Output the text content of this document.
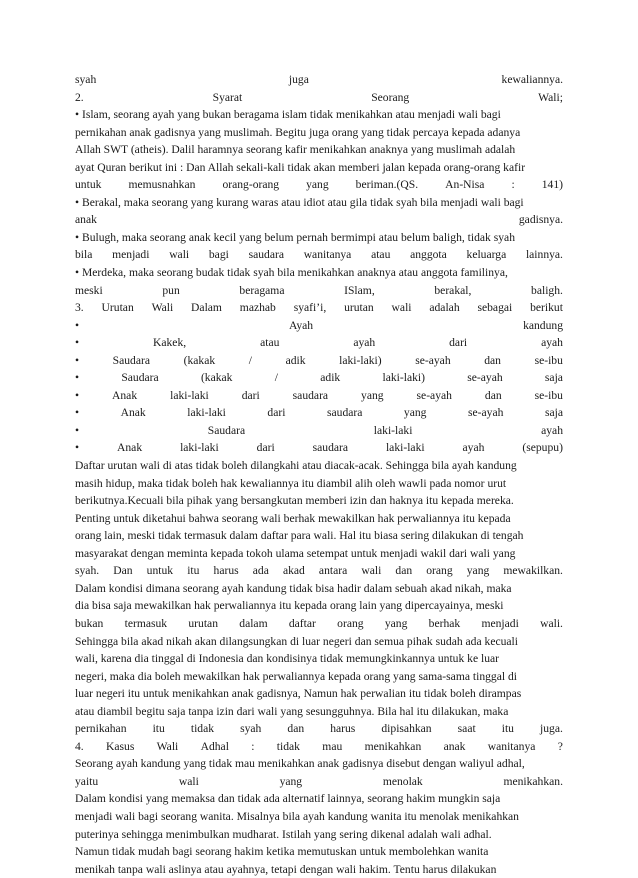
syah	juga	kewaliannya.
2.	Syarat	Seorang	Wali;
• Islam, seorang ayah yang bukan beragama islam tidak menikahkan atau menjadi wali bagi
pernikahan anak gadisnya yang muslimah. Begitu juga orang yang tidak percaya kepada adanya
Allah SWT (atheis). Dalil haramnya seorang kafir menikahkan anaknya yang muslimah adalah
ayat Quran berikut ini : Dan Allah sekali-kali tidak akan memberi jalan kepada orang-orang kafir
untuk memusnahkan orang-orang yang beriman.(QS. An-Nisa : 141)
• Berakal, maka seorang yang kurang waras atau idiot atau gila tidak syah bila menjadi wali bagi
anak	gadisnya.
• Bulugh, maka seorang anak kecil yang belum pernah bermimpi atau belum baligh, tidak syah
bila menjadi wali bagi saudara wanitanya atau anggota keluarga lainnya.
• Merdeka, maka seorang budak tidak syah bila menikahkan anaknya atau anggota familinya,
meski	pun	beragama	ISlam,	berakal,	baligh.
3. Urutan Wali Dalam mazhab syafi’i, urutan wali adalah sebagai berikut
•	Ayah	kandung
•	Kakek,	atau	ayah	dari	ayah
•	Saudara	(kakak	/	adik	laki-laki)	se-ayah	dan	se-ibu
•	Saudara	(kakak	/	adik	laki-laki)	se-ayah	saja
•	Anak	laki-laki	dari	saudara	yang	se-ayah	dan	se-ibu
•	Anak	laki-laki	dari	saudara	yang	se-ayah	saja
•	Saudara	laki-laki	ayah
•	Anak	laki-laki	dari	saudara	laki-laki	ayah	(sepupu)
Daftar urutan wali di atas tidak boleh dilangkahi atau diacak-acak. Sehingga bila ayah kandung
masih hidup, maka tidak boleh hak kewaliannya itu diambil alih oleh wawli pada nomor urut
berikutnya.Kecuali bila pihak yang bersangkutan memberi izin dan haknya itu kepada mereka.
Penting untuk diketahui bahwa seorang wali berhak mewakilkan hak perwaliannya itu kepada
orang lain, meski tidak termasuk dalam daftar para wali. Hal itu biasa sering dilakukan di tengah
masyarakat dengan meminta kepada tokoh ulama setempat untuk menjadi wakil dari wali yang
syah. Dan untuk itu harus ada akad antara wali dan orang yang mewakilkan.
Dalam kondisi dimana seorang ayah kandung tidak bisa hadir dalam sebuah akad nikah, maka
dia bisa saja mewakilkan hak perwaliannya itu kepada orang lain yang dipercayainya, meski
bukan termasuk urutan dalam daftar orang yang berhak menjadi wali.
Sehingga bila akad nikah akan dilangsungkan di luar negeri dan semua pihak sudah ada kecuali
wali, karena dia tinggal di Indonesia dan kondisinya tidak memungkinkannya untuk ke luar
negeri, maka dia boleh mewakilkan hak perwaliannya kepada orang yang sama-sama tinggal di
luar negeri itu untuk menikahkan anak gadisnya, Namun hak perwalian itu tidak boleh dirampas
atau diambil begitu saja tanpa izin dari wali yang sesungguhnya. Bila hal itu dilakukan, maka
pernikahan itu tidak syah dan harus dipisahkan saat itu juga.
4. Kasus Wali Adhal : tidak mau menikahkan anak wanitanya ?
Seorang ayah kandung yang tidak mau menikahkan anak gadisnya disebut dengan waliyul adhal,
yaitu	wali	yang	menolak	menikahkan.
Dalam kondisi yang memaksa dan tidak ada alternatif lainnya, seorang hakim mungkin saja
menjadi wali bagi seorang wanita. Misalnya bila ayah kandung wanita itu menolak menikahkan
puterinya sehingga menimbulkan mudharat. Istilah yang sering dikenal adalah wali adhal.
Namun tidak mudah bagi seorang hakim ketika memutuskan untuk membolehkan wanita
menikah tanpa wali aslinya atau ayahnya, tetapi dengan wali hakim. Tentu harus dilakukan
